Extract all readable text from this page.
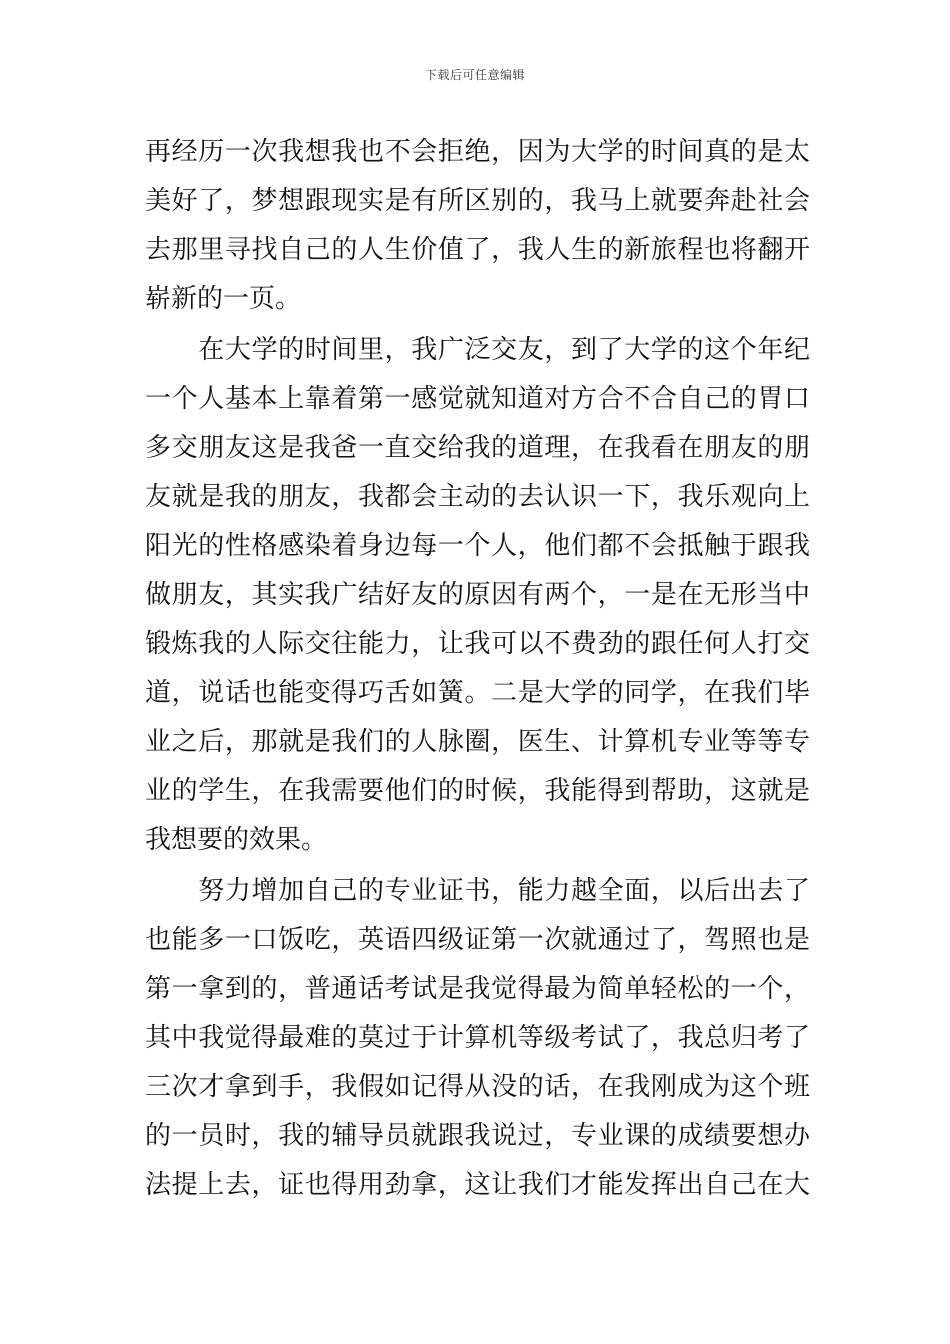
下载后可任意编辑
再经历一次我想我也不会拒绝，因为大学的时间真的是太
美好了，梦想跟现实是有所区别的，我马上就要奔赴社会
去那里寻找自己的人生价值了，我人生的新旅程也将翻开
崭新的一页。
　　在大学的时间里，我广泛交友，到了大学的这个年纪
一个人基本上靠着第一感觉就知道对方合不合自己的胃口
多交朋友这是我爸一直交给我的道理，在我看在朋友的朋
友就是我的朋友，我都会主动的去认识一下，我乐观向上
阳光的性格感染着身边每一个人，他们都不会抵触于跟我
做朋友，其实我广结好友的原因有两个，一是在无形当中
锻炼我的人际交往能力，让我可以不费劲的跟任何人打交
道，说话也能变得巧舌如簧。二是大学的同学，在我们毕
业之后，那就是我们的人脉圈，医生、计算机专业等等专
业的学生，在我需要他们的时候，我能得到帮助，这就是
我想要的效果。
　　努力增加自己的专业证书，能力越全面，以后出去了
也能多一口饭吃，英语四级证第一次就通过了，驾照也是
第一拿到的，普通话考试是我觉得最为简单轻松的一个，
其中我觉得最难的莫过于计算机等级考试了，我总归考了
三次才拿到手，我假如记得从没的话，在我刚成为这个班
的一员时，我的辅导员就跟我说过，专业课的成绩要想办
法提上去，证也得用劲拿，这让我们才能发挥出自己在大
